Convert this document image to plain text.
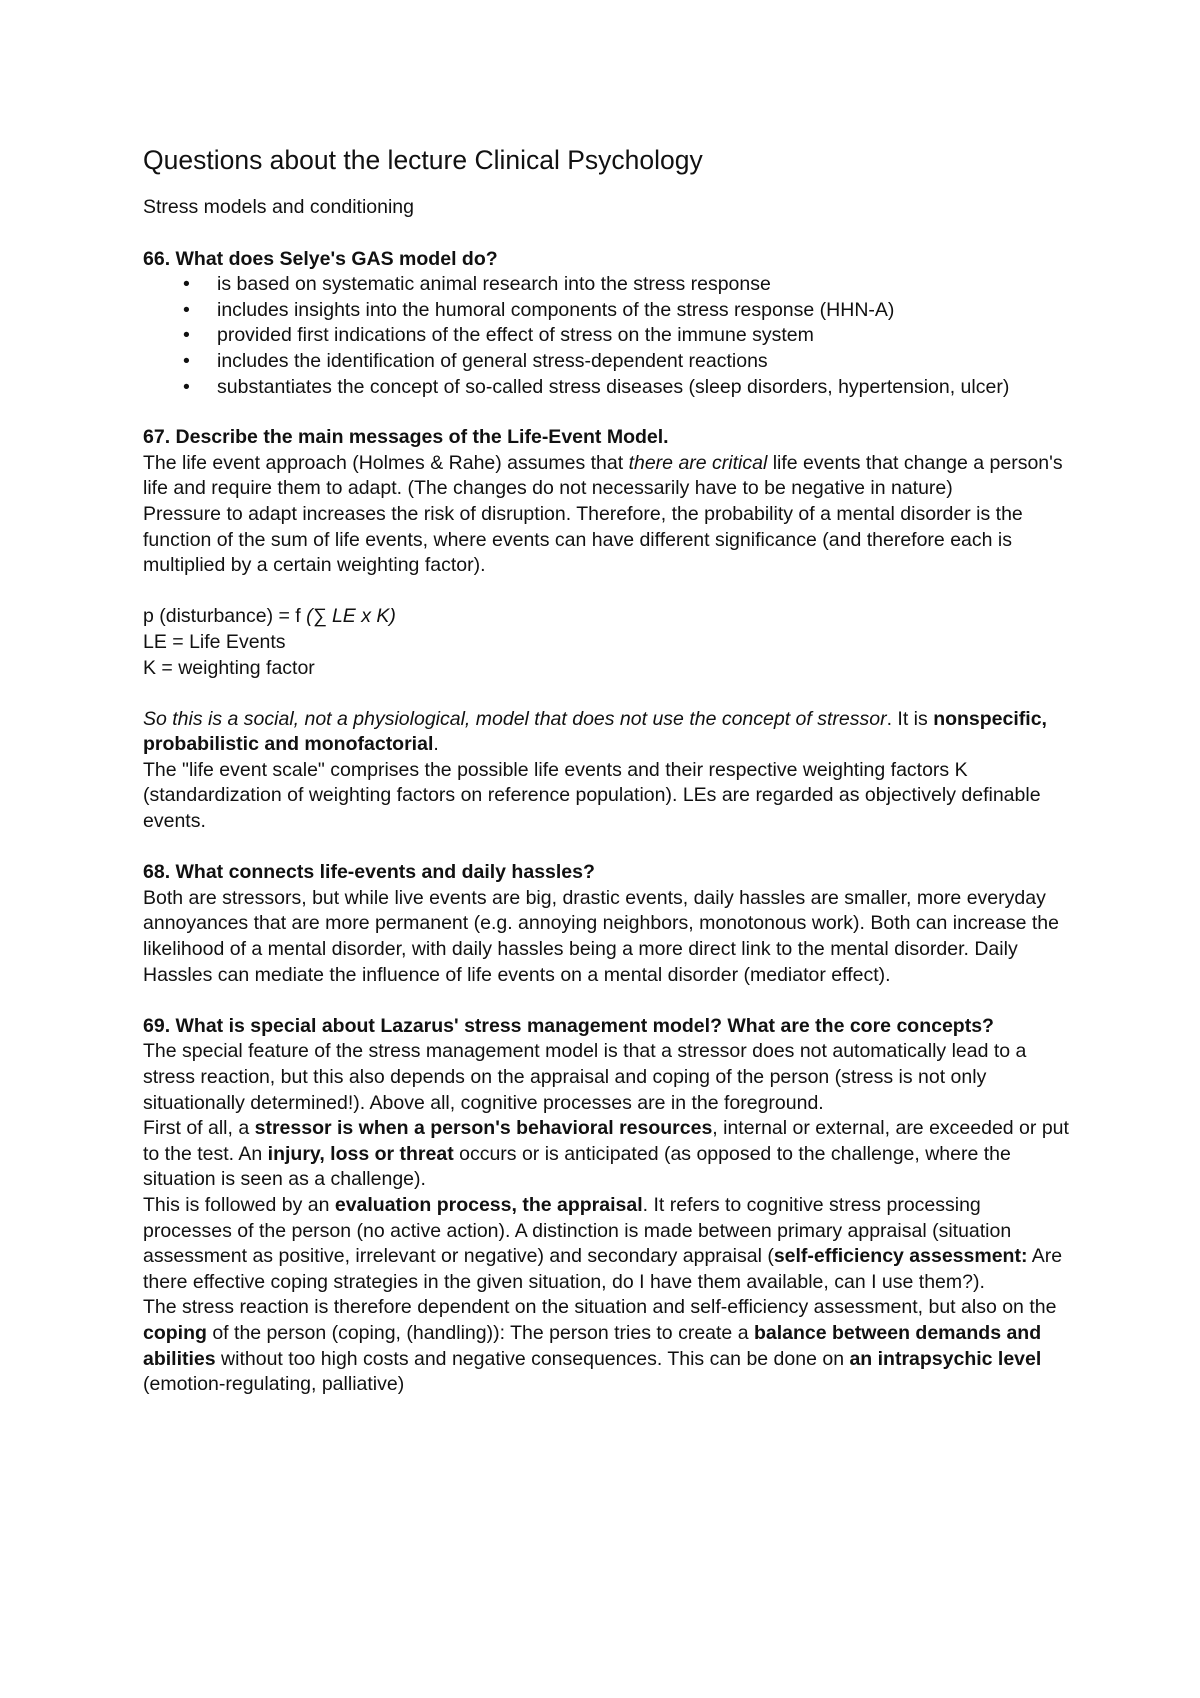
Questions about the lecture Clinical Psychology

Stress models and conditioning

66. What does Selye's GAS model do?

• is based on systematic animal research into the stress response
• includes insights into the humoral components of the stress response (HHN-A)
• provided first indications of the effect of stress on the immune system
• includes the identification of general stress-dependent reactions
• substantiates the concept of so-called stress diseases (sleep disorders, hypertension, ulcer)

67. Describe the main messages of the Life-Event Model.

The life event approach (Holmes & Rahe) assumes that there are critical life events that change a person's life and require them to adapt. (The changes do not necessarily have to be negative in nature)

Pressure to adapt increases the risk of disruption. Therefore, the probability of a mental disorder is the function of the sum of life events, where events can have different significance (and therefore each is multiplied by a certain weighting factor).

p (disturbance) = f (∑ LE x K)

LE = Life Events

K = weighting factor

So this is a social, not a physiological, model that does not use the concept of stressor. It is nonspecific, probabilistic and monofactorial.

The "life event scale" comprises the possible life events and their respective weighting factors K (standardization of weighting factors on reference population). LEs are regarded as objectively definable events.

68. What connects life-events and daily hassles?

Both are stressors, but while live events are big, drastic events, daily hassles are smaller, more everyday annoyances that are more permanent (e.g. annoying neighbors, monotonous work). Both can increase the likelihood of a mental disorder, with daily hassles being a more direct link to the mental disorder. Daily Hassles can mediate the influence of life events on a mental disorder (mediator effect).

69. What is special about Lazarus' stress management model? What are the core concepts?

The special feature of the stress management model is that a stressor does not automatically lead to a stress reaction, but this also depends on the appraisal and coping of the person (stress is not only situationally determined!). Above all, cognitive processes are in the foreground.

First of all, a stressor is when a person's behavioral resources, internal or external, are exceeded or put to the test. An injury, loss or threat occurs or is anticipated (as opposed to the challenge, where the situation is seen as a challenge).

This is followed by an evaluation process, the appraisal. It refers to cognitive stress processing processes of the person (no active action). A distinction is made between primary appraisal (situation assessment as positive, irrelevant or negative) and secondary appraisal (self-efficiency assessment: Are there effective coping strategies in the given situation, do I have them available, can I use them?).

The stress reaction is therefore dependent on the situation and self-efficiency assessment, but also on the coping of the person (coping, (handling)): The person tries to create a balance between demands and abilities without too high costs and negative consequences. This can be done on an intrapsychic level (emotion-regulating, palliative)
